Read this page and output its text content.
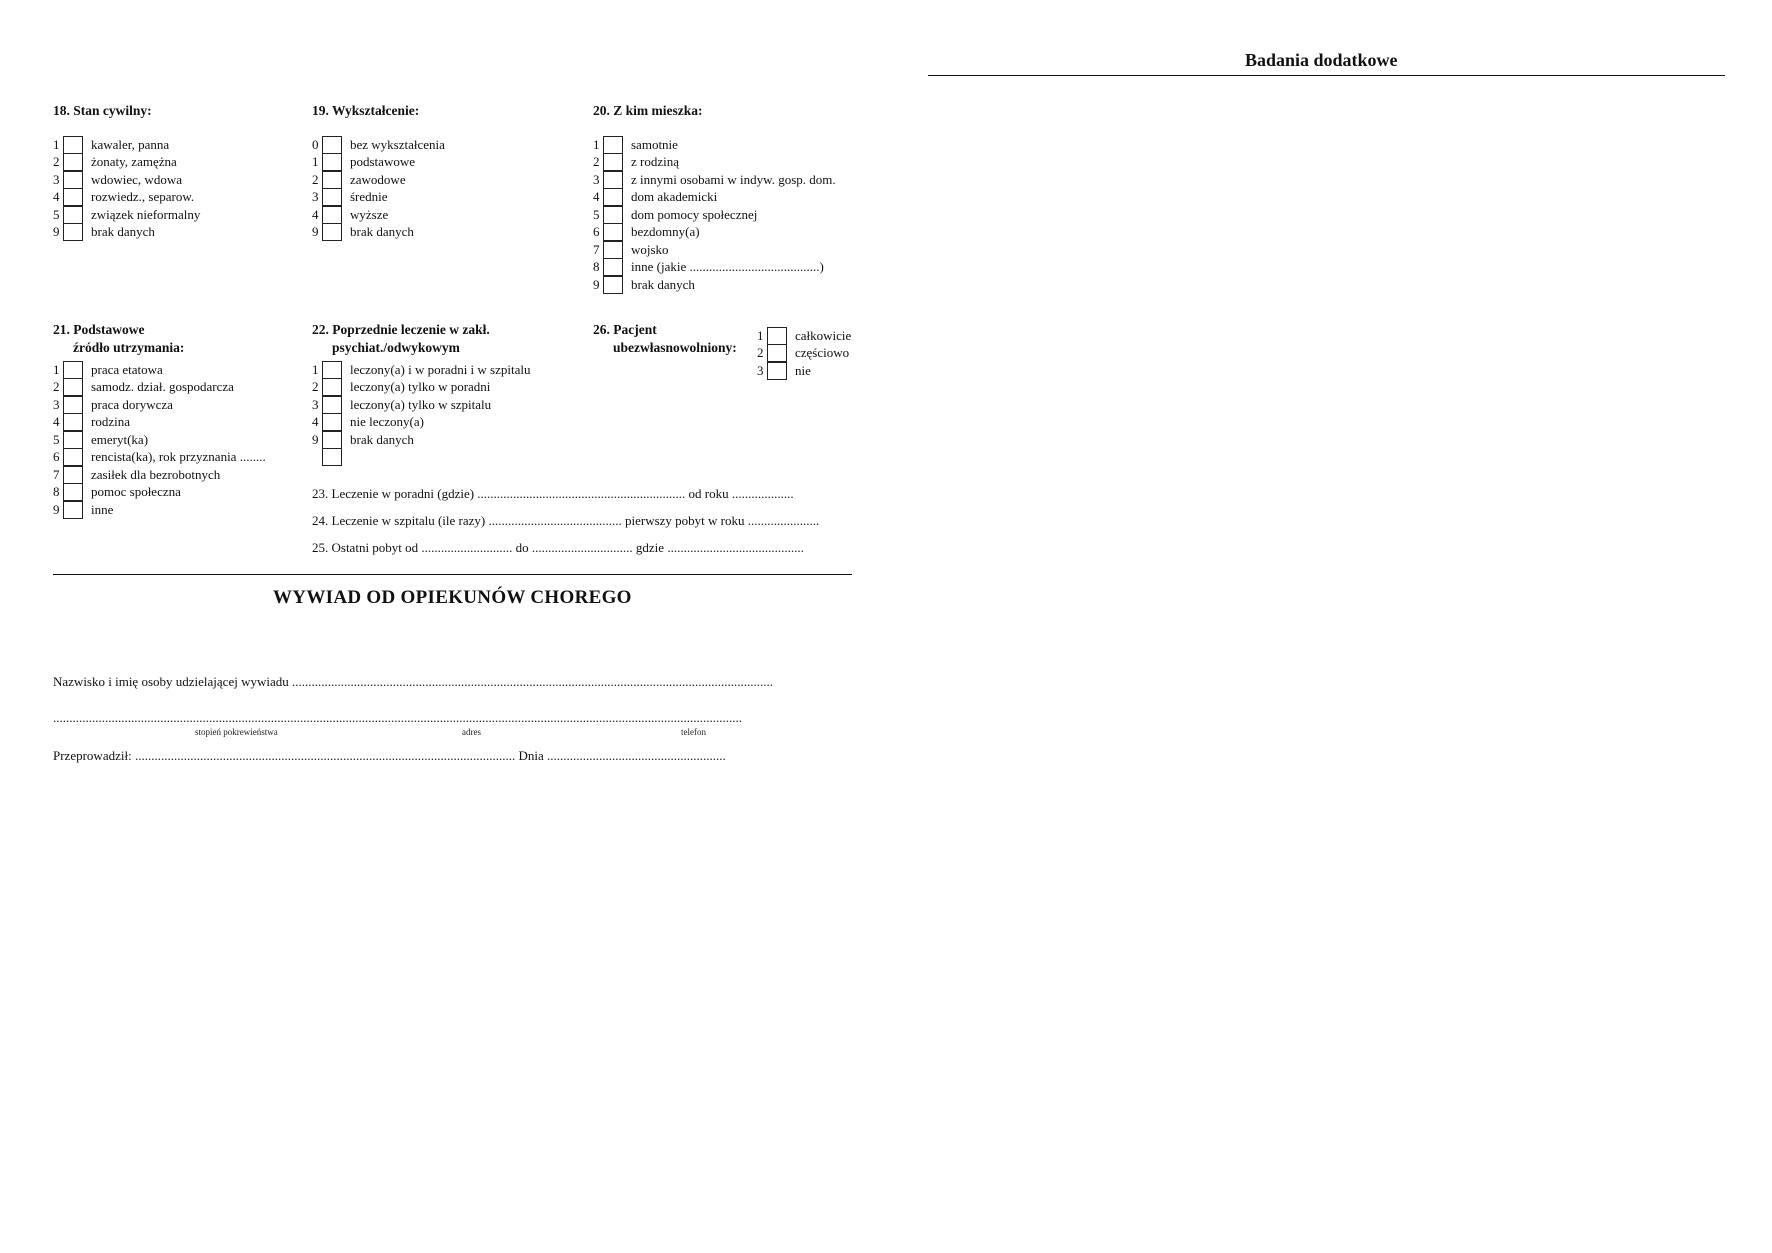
Badania dodatkowe
18. Stan cywilny:
1 kawaler, panna
2 żonaty, zamężna
3 wdowiec, wdowa
4 rozwiedz., separow.
5 związek nieformalny
9 brak danych
19. Wykształcenie:
0 bez wykształcenia
1 podstawowe
2 zawodowe
3 średnie
4 wyższe
9 brak danych
20. Z kim mieszka:
1 samotnie
2 z rodziną
3 z innymi osobami w indyw. gosp. dom.
4 dom akademicki
5 dom pomocy społecznej
6 bezdomny(a)
7 wojsko
8 inne (jakie ........................................)
9 brak danych
21. Podstawowe
źródło utrzymania:
1 praca etatowa
2 samodz. dział. gospodarcza
3 praca dorywcza
4 rodzina
5 emeryt(ka)
6 rencista(ka), rok przyznania ........
7 zasiłek dla bezrobotnych
8 pomoc społeczna
9 inne
22. Poprzednie leczenie w zakł.
psychiat./odwykowym
1 leczony(a) i w poradni i w szpitalu
2 leczony(a) tylko w poradni
3 leczony(a) tylko w szpitalu
4 nie leczony(a)
9 brak danych
26. Pacjent
ubezwłasnowolniony:
1 całkowicie
2 częściowo
3 nie
23. Leczenie w poradni (gdzie) ................................................................ od roku ...................
24. Leczenie w szpitalu (ile razy) ......................................... pierwszy pobyt w roku ......................
25. Ostatni pobyt od ............................ do ............................... gdzie ..........................................
WYWIAD OD OPIEKUNÓW CHOREGO
Nazwisko i imię osoby udzielającej wywiadu ....................................................................................................................................................
....................................................................................................................................................................................................................
stopień pokrewieństwa	adres	telefon
Przeprowadził: ..................................................................................................................... Dnia .......................................................
